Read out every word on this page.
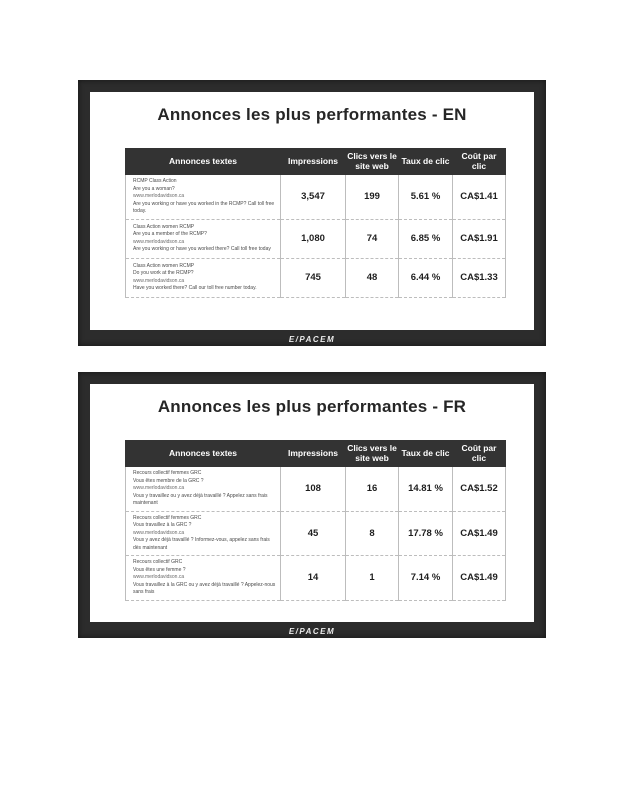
Annonces les plus performantes - EN
Annonces textes	Impressions	Clics vers le site web	Taux de clic	Coût par clic

RCMP Class Action
Are you a woman?
www.merlodavidson.ca
Are you working or have you worked in the RCMP? Call toll free today.	3,547	199	5.61 %	CA$1.41

Class Action women RCMP
Are you a member of the RCMP?
www.merlodavidson.ca
Are you working or have you worked there? Call toll free today	1,080	74	6.85 %	CA$1.91

Class Action women RCMP
Do you work at the RCMP?
www.merlodavidson.ca
Have you worked there? Call our toll free number today.	745	48	6.44 %	CA$1.33
E/PACEM
Annonces les plus performantes - FR
Annonces textes	Impressions	Clics vers le site web	Taux de clic	Coût par clic

Recours collectif femmes GRC
Vous êtes membre de la GRC ?
www.merlodavidson.ca
Vous y travaillez ou y avez déjà travaillé ? Appelez sans frais maintenant	108	16	14.81 %	CA$1.52

Recours collectif femmes GRC
Vous travaillez à la GRC ?
www.merlodavidson.ca
Vous y avez déjà travaillé ? Informez-vous, appelez sans frais dès maintenant	45	8	17.78 %	CA$1.49

Recours collectif GRC
Vous êtes une femme ?
www.merlodavidson.ca
Vous travaillez à la GRC ou y avez déjà travaillé ? Appelez-nous sans frais	14	1	7.14 %	CA$1.49
E/PACEM
